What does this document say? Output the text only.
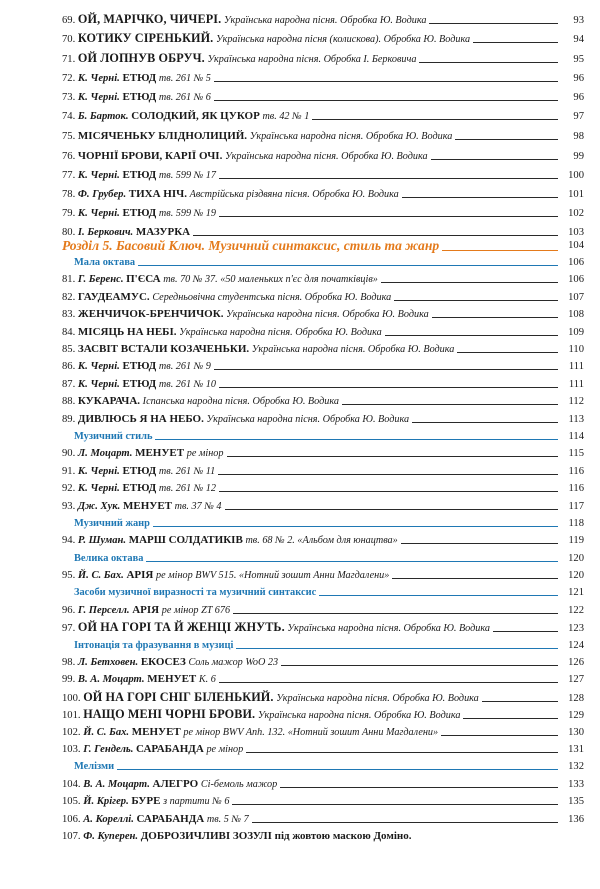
69. ОЙ, МАРІЧКО, ЧИЧЕРІ. Українська народна пісня. Обробка Ю. Водика	93
70. КОТИКУ СІРЕНЬКИЙ. Українська народна пісня (колискова). Обробка Ю. Водика	94
71. ОЙ ЛОПНУВ ОБРУЧ. Українська народна пісня. Обробка І. Берковича	95
72. К. Черні. ЕТЮД тв. 261 № 5	96
73. К. Черні. ЕТЮД тв. 261 № 6	96
74. Б. Барток. СОЛОДКИЙ, ЯК ЦУКОР тв. 42 № 1	97
75. МІСЯЧЕНЬКУ БЛІДНОЛИЦИЙ. Українська народна пісня. Обробка Ю. Водика	98
76. ЧОРНІЇ БРОВИ, КАРІЇ ОЧІ. Українська народна пісня. Обробка Ю. Водика	99
77. К. Черні. ЕТЮД тв. 599 № 17	100
78. Ф. Грубер. ТИХА НІЧ. Австрійська різдвяна пісня. Обробка Ю. Водика	101
79. К. Черні. ЕТЮД тв. 599 № 19	102
80. І. Беркович. МАЗУРКА	103
Розділ 5. Басовий Ключ. Музичний синтаксис, стиль та жанр	104
Мала октава	106
81. Г. Беренс. П'ЄСА тв. 70 № 37. «50 маленьких п'єс для початківців»	106
82. ГАУДЕАМУС. Середньовічна студентська пісня. Обробка Ю. Водика	107
83. ЖЕНЧИЧОК-БРЕНЧИЧОК. Українська народна пісня. Обробка Ю. Водика	108
84. МІСЯЦЬ НА НЕБІ. Українська народна пісня. Обробка Ю. Водика	109
85. ЗАСВІТ ВСТАЛИ КОЗАЧЕНЬКИ. Українська народна пісня. Обробка Ю. Водика	110
86. К. Черні. ЕТЮД тв. 261 № 9	111
87. К. Черні. ЕТЮД тв. 261 № 10	111
88. КУКАРАЧА. Іспанська народна пісня. Обробка Ю. Водика	112
89. ДИВЛЮСЬ Я НА НЕБО. Українська народна пісня. Обробка Ю. Водика	113
Музичний стиль	114
90. Л. Моцарт. МЕНУЕТ ре мінор	115
91. К. Черні. ЕТЮД тв. 261 № 11	116
92. К. Черні. ЕТЮД тв. 261 № 12	116
93. Дж. Хук. МЕНУЕТ тв. 37 № 4	117
Музичний жанр	118
94. Р. Шуман. МАРШ СОЛДАТИКІВ тв. 68 № 2. «Альбом для юнацтва»	119
Велика октава	120
95. Й. С. Бах. АРІЯ ре мінор BWV 515. «Нотний зошит Анни Магдалени»	120
Засоби музичної виразності та музичний синтаксис	121
96. Г. Перселл. АРІЯ ре мінор ZT 676	122
97. ОЙ НА ГОРІ ТА Й ЖЕНЦІ ЖНУТЬ. Українська народна пісня. Обробка Ю. Водика	123
Інтонація та фразування в музиці	124
98. Л. Бетховен. ЕКОСЕЗ Соль мажор WoO 23	126
99. В. А. Моцарт. МЕНУЕТ К. 6	127
100. ОЙ НА ГОРІ СНІГ БІЛЕНЬКИЙ. Українська народна пісня. Обробка Ю. Водика	128
101. НАЩО МЕНІ ЧОРНІ БРОВИ. Українська народна пісня. Обробка Ю. Водика	129
102. Й. С. Бах. МЕНУЕТ ре мінор BWV Anh. 132. «Нотний зошит Анни Магдалени»	130
103. Г. Гендель. САРАБАНДА ре мінор	131
Мелізми	132
104. В. А. Моцарт. АЛЕГРО Сі-бемоль мажор	133
105. Й. Крігер. БУРЕ з партити № 6	135
106. А. Кореллі. САРАБАНДА тв. 5 № 7	136
107. Ф. Куперен. ДОБРОЗИЧЛИВІ ЗОЗУЛІ під жовтою маскою Доміно.
